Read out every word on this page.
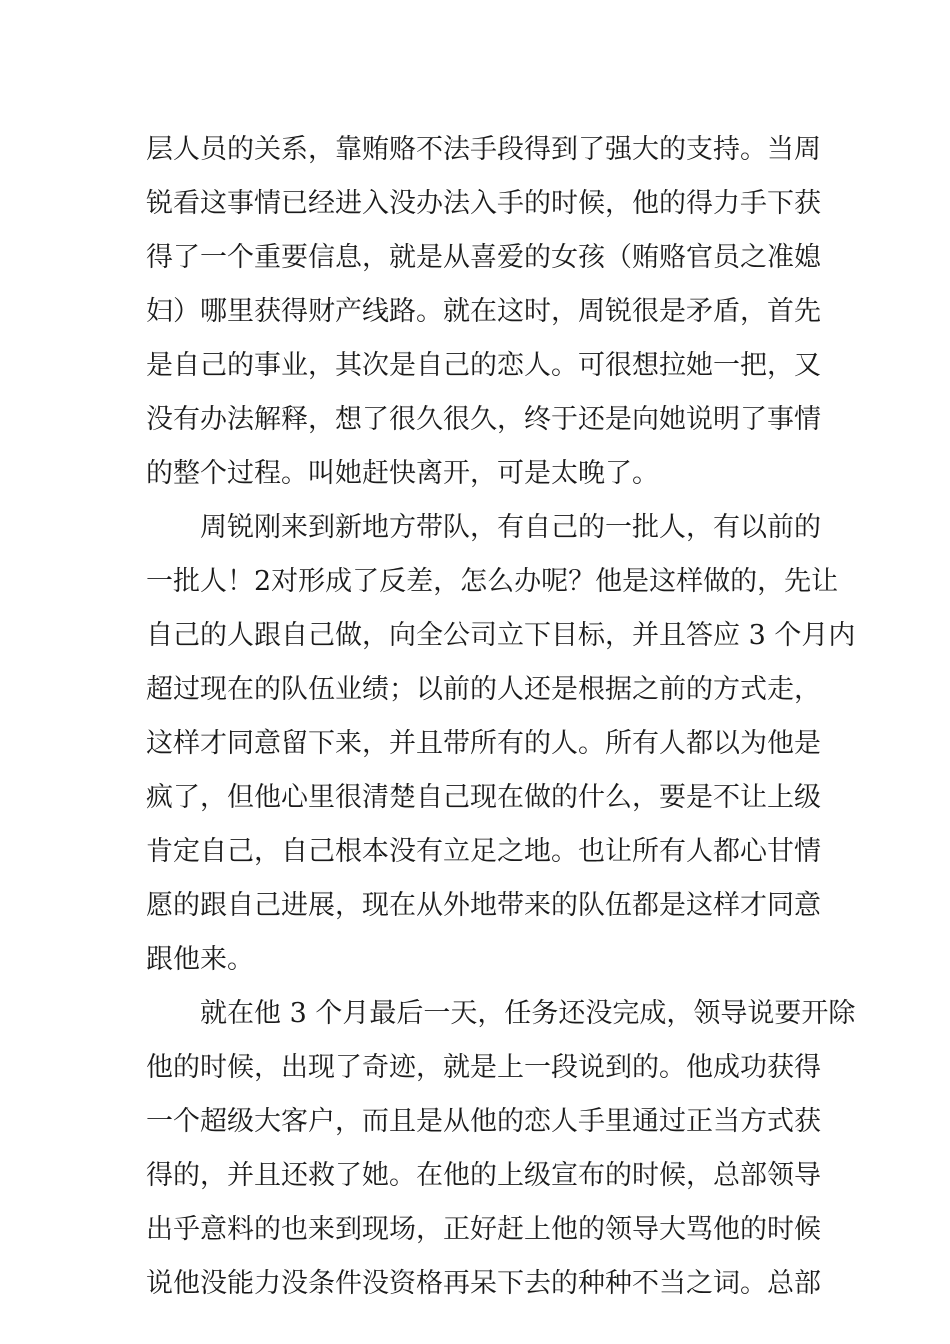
层人员的关系，靠贿赂不法手段得到了强大的支持。当周
锐看这事情已经进入没办法入手的时候，他的得力手下获
得了一个重要信息，就是从喜爱的女孩（贿赂官员之准媳
妇）哪里获得财产线路。就在这时，周锐很是矛盾，首先
是自己的事业，其次是自己的恋人。可很想拉她一把，又
没有办法解释，想了很久很久，终于还是向她说明了事情
的整个过程。叫她赶快离开，可是太晚了。
　　周锐刚来到新地方带队，有自己的一批人，有以前的
一批人！2对形成了反差，怎么办呢？他是这样做的，先让
自己的人跟自己做，向全公司立下目标，并且答应 3 个月内
超过现在的队伍业绩；以前的人还是根据之前的方式走，
这样才同意留下来，并且带所有的人。所有人都以为他是
疯了，但他心里很清楚自己现在做的什么，要是不让上级
肯定自己，自己根本没有立足之地。也让所有人都心甘情
愿的跟自己进展，现在从外地带来的队伍都是这样才同意
跟他来。
　　就在他 3 个月最后一天，任务还没完成，领导说要开除
他的时候，出现了奇迹，就是上一段说到的。他成功获得
一个超级大客户，而且是从他的恋人手里通过正当方式获
得的，并且还救了她。在他的上级宣布的时候，总部领导
出乎意料的也来到现场，正好赶上他的领导大骂他的时候
说他没能力没条件没资格再呆下去的种种不当之词。总部
